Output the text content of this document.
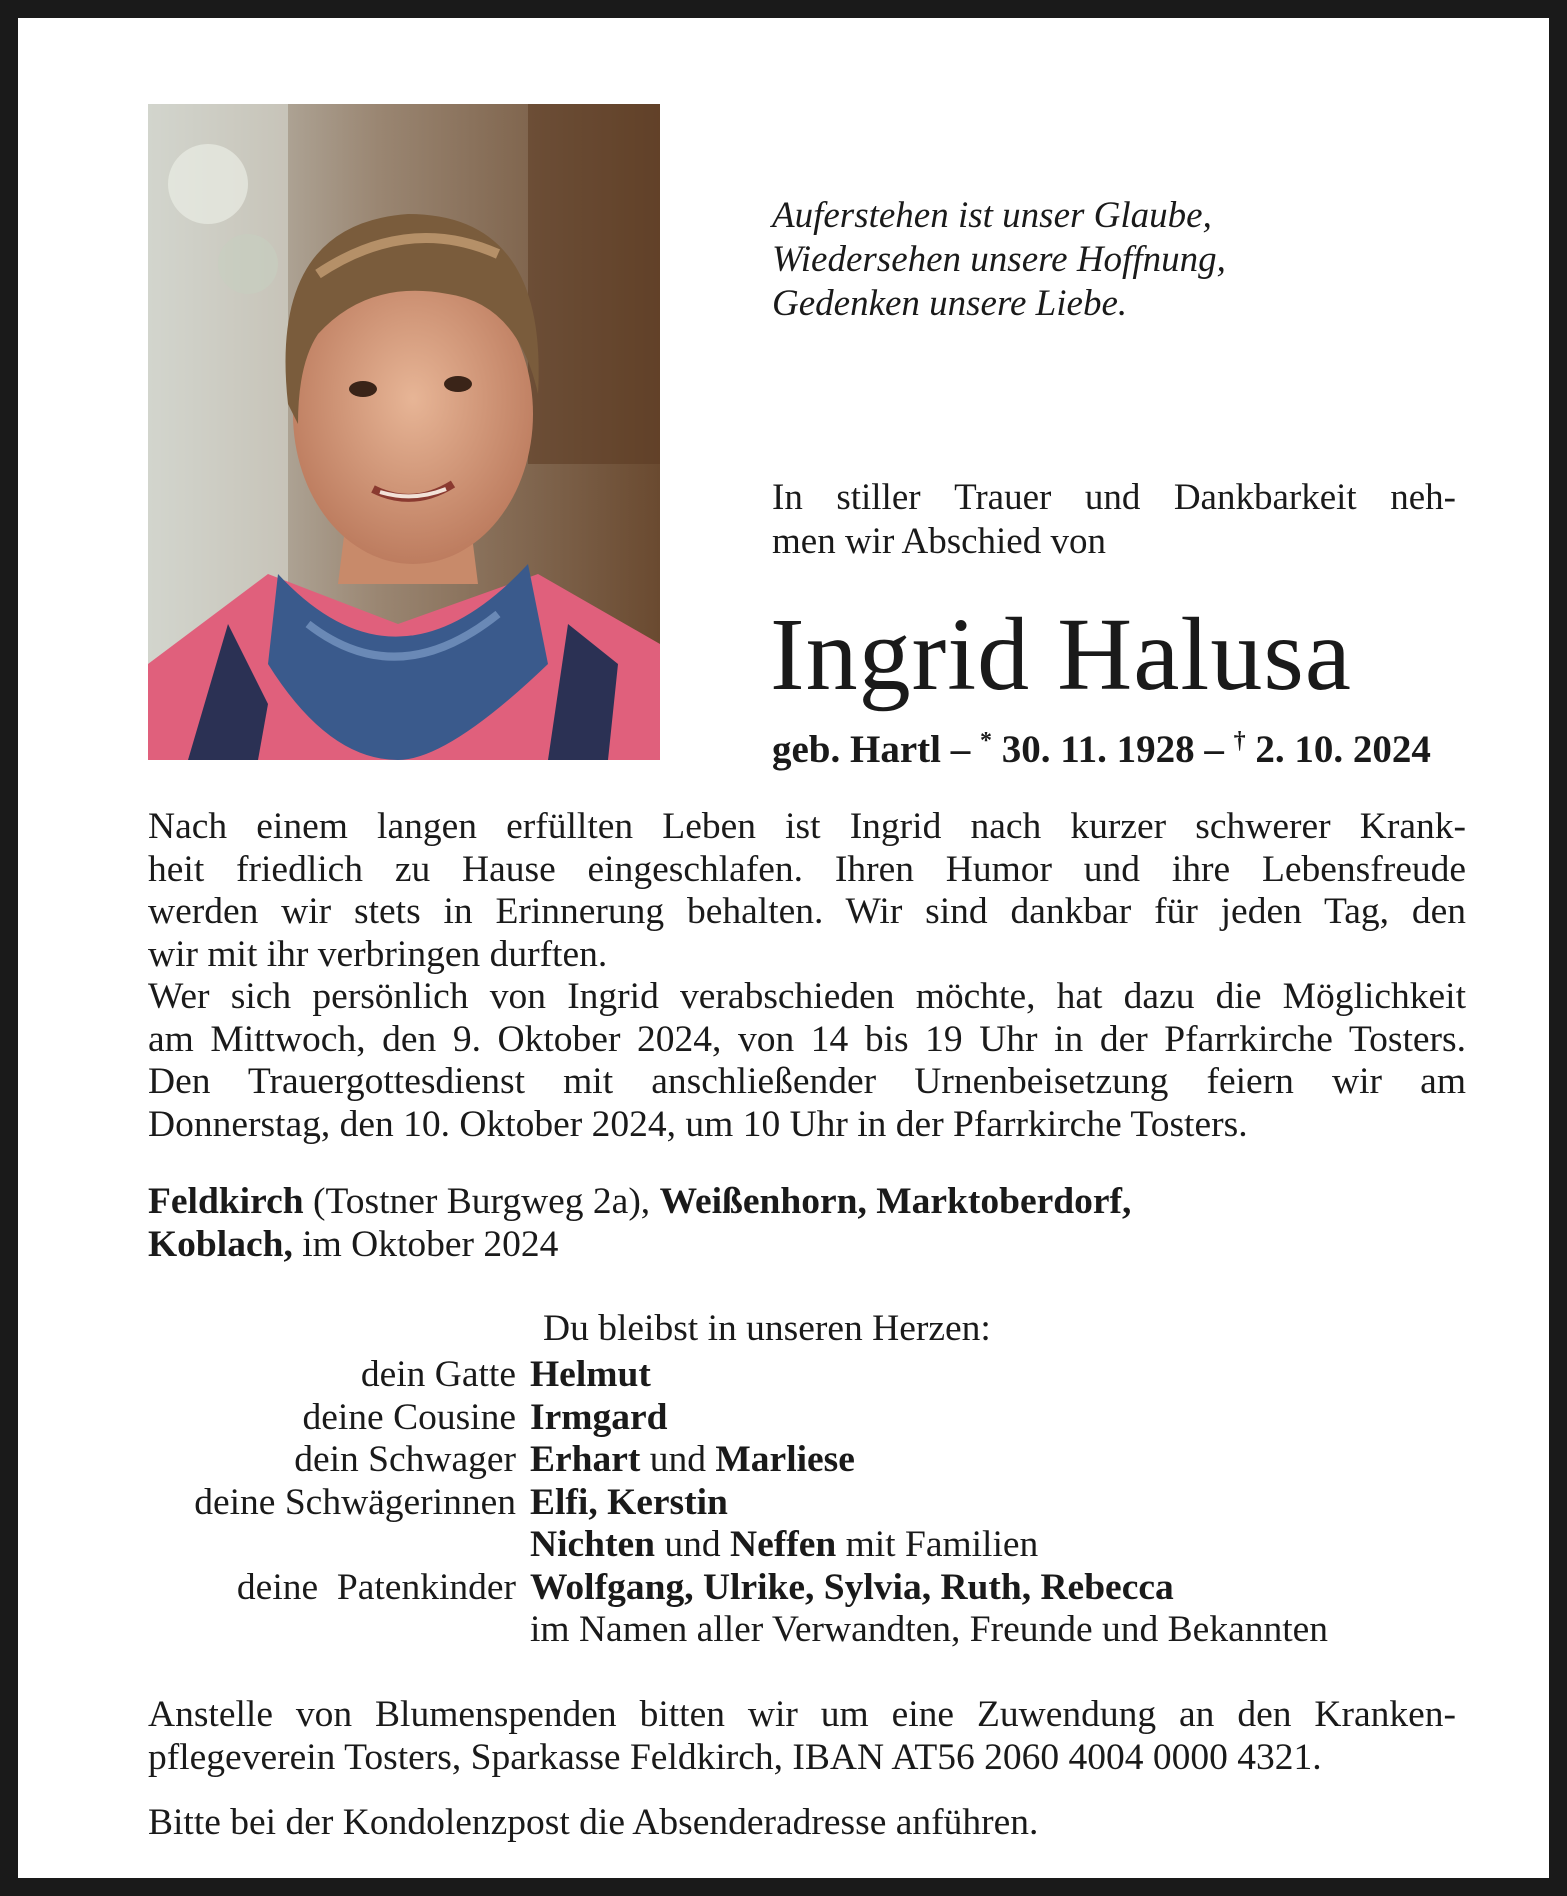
Auferstehen ist unser Glaube,
Wiedersehen unsere Hoffnung,
Gedenken unsere Liebe.
In stiller Trauer und Dankbarkeit neh-
men wir Abschied von
Ingrid Halusa
geb. Hartl – * 30. 11. 1928 – † 2. 10. 2024
Nach einem langen erfüllten Leben ist Ingrid nach kurzer schwerer Krank-
heit friedlich zu Hause eingeschlafen. Ihren Humor und ihre Lebensfreude
werden wir stets in Erinnerung behalten. Wir sind dankbar für jeden Tag, den
wir mit ihr verbringen durften.
Wer sich persönlich von Ingrid verabschieden möchte, hat dazu die Möglichkeit
am Mittwoch, den 9. Oktober 2024, von 14 bis 19 Uhr in der Pfarrkirche Tosters.
Den Trauergottesdienst mit anschließender Urnenbeisetzung feiern wir am
Donnerstag, den 10. Oktober 2024, um 10 Uhr in der Pfarrkirche Tosters.
Feldkirch (Tostner Burgweg 2a), Weißenhorn, Marktoberdorf,
Koblach, im Oktober 2024
Du bleibst in unseren Herzen:
dein Gatte Helmut
deine Cousine Irmgard
dein Schwager Erhart und Marliese
deine Schwägerinnen Elfi, Kerstin
Nichten und Neffen mit Familien
deine  Patenkinder Wolfgang, Ulrike, Sylvia, Ruth, Rebecca
im Namen aller Verwandten, Freunde und Bekannten
Anstelle von Blumenspenden bitten wir um eine Zuwendung an den Kranken-
pflegeverein Tosters, Sparkasse Feldkirch, IBAN AT56 2060 4004 0000 4321.
Bitte bei der Kondolenzpost die Absenderadresse anführen.
